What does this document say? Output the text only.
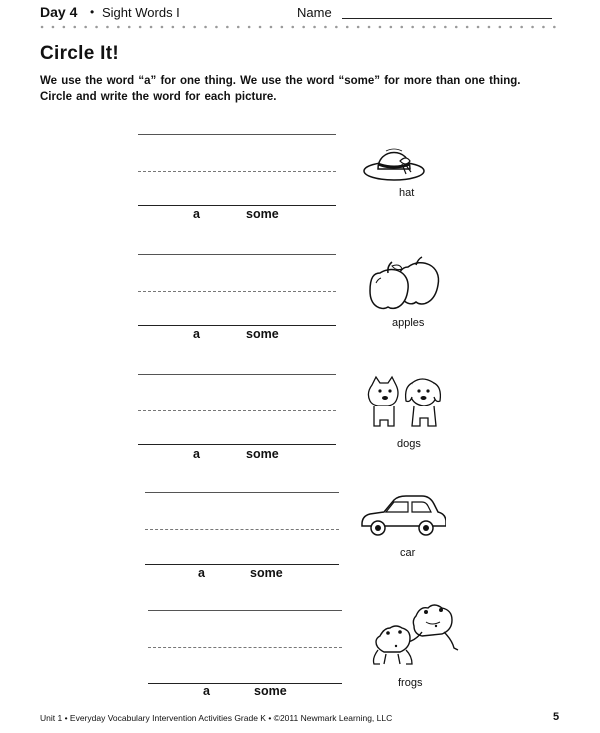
Day 4 • Sight Words I	Name
Circle It!
We use the word “a” for one thing. We use the word “some” for more than one thing. Circle and write the word for each picture.
a	some
hat
a	some
apples
a	some
dogs
a	some
car
a	some
frogs
Unit 1 • Everyday Vocabulary Intervention Activities Grade K • ©2011 Newmark Learning, LLC	5
